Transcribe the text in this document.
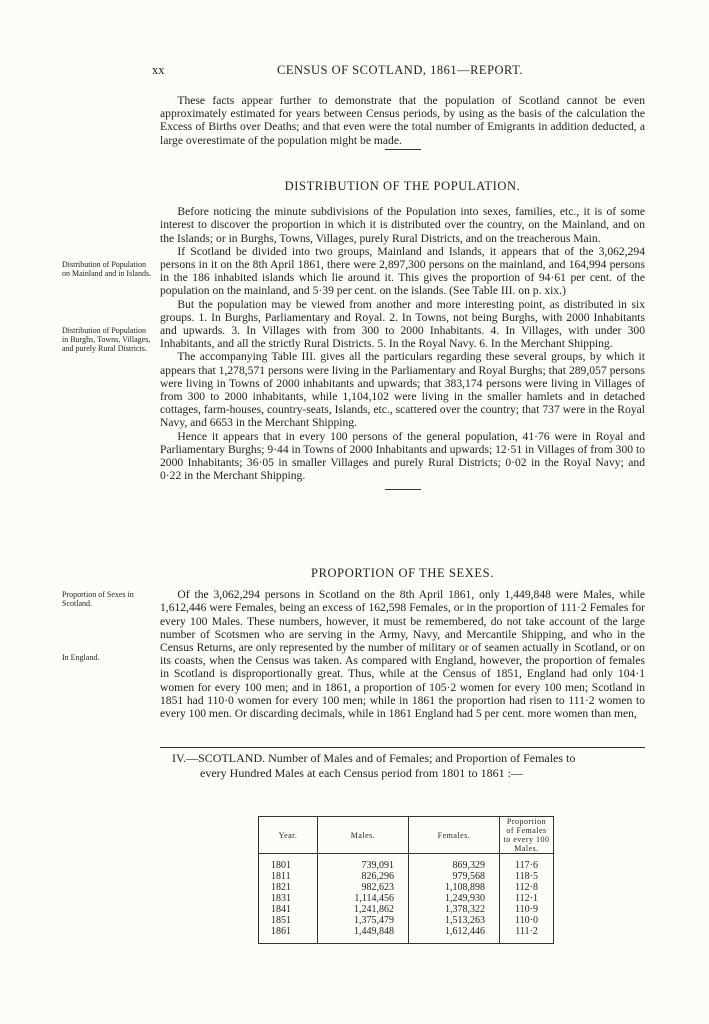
xx	CENSUS OF SCOTLAND, 1861—REPORT.

These facts appear further to demonstrate that the population of Scotland cannot be even approximately estimated for years between Census periods, by using as the basis of the calculation the Excess of Births over Deaths; and that even were the total number of Emigrants in addition deducted, a large overestimate of the population might be made.

DISTRIBUTION OF THE POPULATION.

Before noticing the minute subdivisions of the Population into sexes, families, etc., it is of some interest to discover the proportion in which it is distributed over the country, on the Mainland, and on the Islands; or in Burghs, Towns, Villages, purely Rural Districts, and on the treacherous Main.

If Scotland be divided into two groups, Mainland and Islands, it appears that of the 3,062,294 persons in it on the 8th April 1861, there were 2,897,300 persons on the mainland, and 164,994 persons in the 186 inhabited islands which lie around it. This gives the proportion of 94·61 per cent. of the population on the mainland, and 5·39 per cent. on the islands. (See Table III. on p. xix.)

But the population may be viewed from another and more interesting point, as distributed in six groups. 1. In Burghs, Parliamentary and Royal. 2. In Towns, not being Burghs, with 2000 Inhabitants and upwards. 3. In Villages with from 300 to 2000 Inhabitants. 4. In Villages, with under 300 Inhabitants, and all the strictly Rural Districts. 5. In the Royal Navy. 6. In the Merchant Shipping.

The accompanying Table III. gives all the particulars regarding these several groups, by which it appears that 1,278,571 persons were living in the Parliamentary and Royal Burghs; that 289,057 persons were living in Towns of 2000 inhabitants and upwards; that 383,174 persons were living in Villages of from 300 to 2000 inhabitants, while 1,104,102 were living in the smaller hamlets and in detached cottages, farm-houses, country-seats, Islands, etc., scattered over the country; that 737 were in the Royal Navy, and 6653 in the Merchant Shipping.

Hence it appears that in every 100 persons of the general population, 41·76 were in Royal and Parliamentary Burghs; 9·44 in Towns of 2000 Inhabitants and upwards; 12·51 in Villages of from 300 to 2000 Inhabitants; 36·05 in smaller Villages and purely Rural Districts; 0·02 in the Royal Navy; and 0·22 in the Merchant Shipping.

PROPORTION OF THE SEXES.

Of the 3,062,294 persons in Scotland on the 8th April 1861, only 1,449,848 were Males, while 1,612,446 were Females, being an excess of 162,598 Females, or in the proportion of 111·2 Females for every 100 Males. These numbers, however, it must be remembered, do not take account of the large number of Scotsmen who are serving in the Army, Navy, and Mercantile Shipping, and who in the Census Returns, are only represented by the number of military or of seamen actually in Scotland, or on its coasts, when the Census was taken. As compared with England, however, the proportion of females in Scotland is disproportionally great. Thus, while at the Census of 1851, England had only 104·1 women for every 100 men; and in 1861, a proportion of 105·2 women for every 100 men; Scotland in 1851 had 110·0 women for every 100 men; while in 1861 the proportion had risen to 111·2 women to every 100 men. Or discarding decimals, while in 1861 England had 5 per cent. more women than men,

Distribution of Population on Mainland and in Islands.
Distribution of Population in Burghs, Towns, Villages, and purely Rural Districts.
Proportion of Sexes in Scotland.
In England.
IV.—SCOTLAND. Number of Males and of Females; and Proportion of Females to
every Hundred Males at each Census period from 1801 to 1861 :—
Year.	Males.	Females.	Proportion of Females to every 100 Males.
1801	739,091	869,329	117·6
1811	826,296	979,568	118·5
1821	982,623	1,108,898	112·8
1831	1,114,456	1,249,930	112·1
1841	1,241,862	1,378,322	110·9
1851	1,375,479	1,513,263	110·0
1861	1,449,848	1,612,446	111·2
